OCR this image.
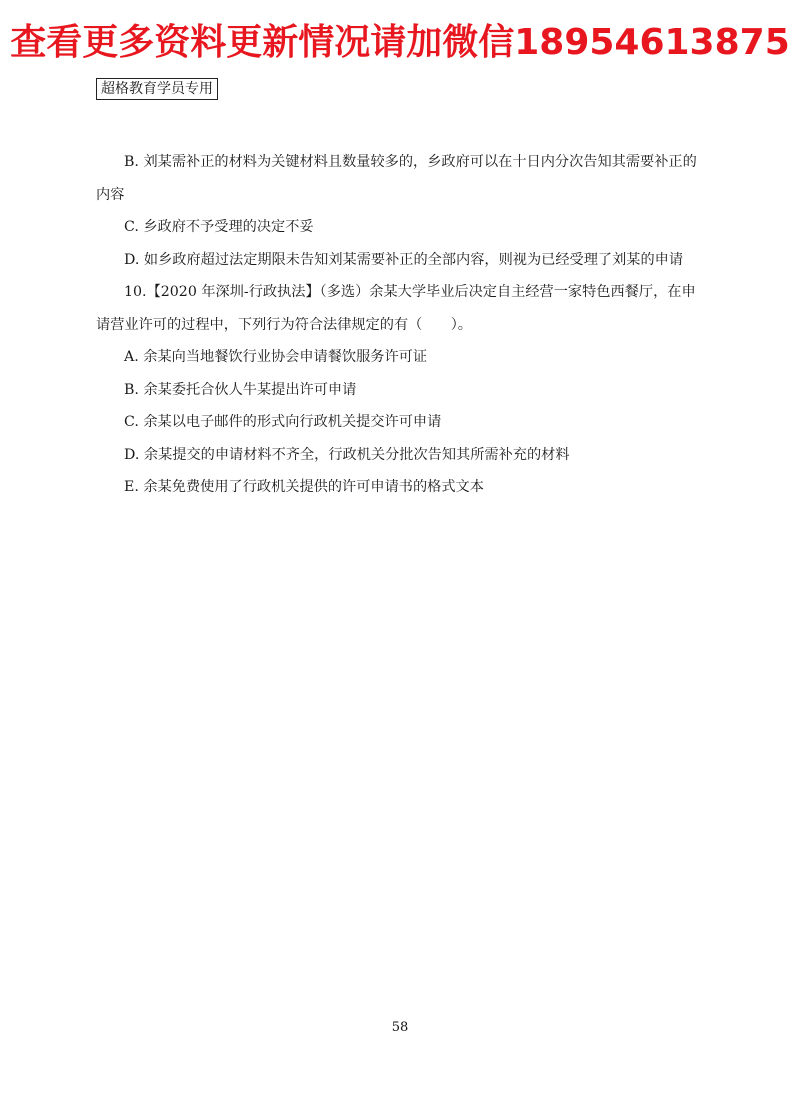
查看更多资料更新情况请加微信18954613875
超格教育学员专用

B. 刘某需补正的材料为关键材料且数量较多的，乡政府可以在十日内分次告知其需要补正的内容

C. 乡政府不予受理的决定不妥

D. 如乡政府超过法定期限未告知刘某需要补正的全部内容，则视为已经受理了刘某的申请

10.【2020 年深圳-行政执法】（多选）余某大学毕业后决定自主经营一家特色西餐厅，在申请营业许可的过程中，下列行为符合法律规定的有（　　）。

A. 余某向当地餐饮行业协会申请餐饮服务许可证

B. 余某委托合伙人牛某提出许可申请

C. 余某以电子邮件的形式向行政机关提交许可申请

D. 余某提交的申请材料不齐全，行政机关分批次告知其所需补充的材料

E. 余某免费使用了行政机关提供的许可申请书的格式文本

58
